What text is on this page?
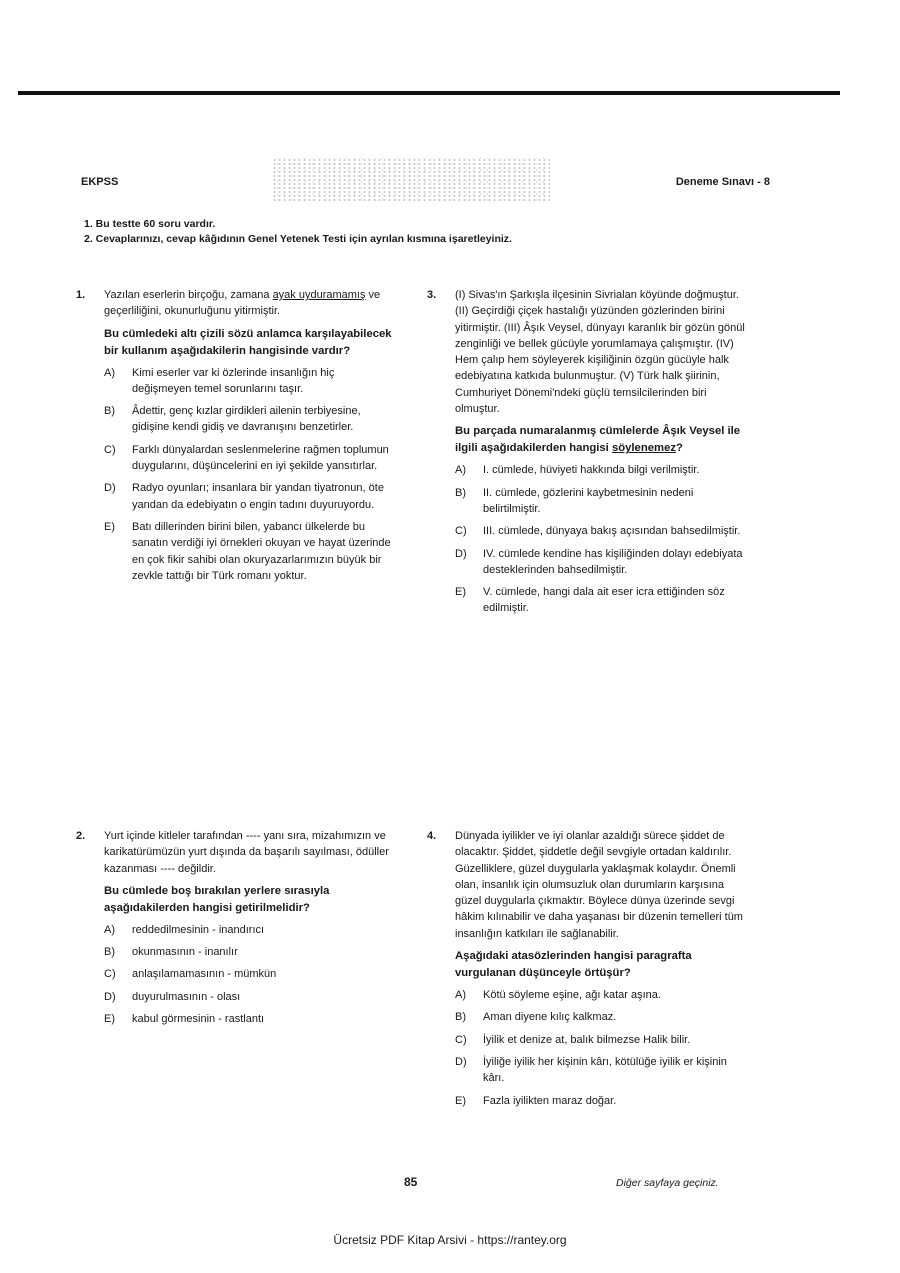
EKPSS	Deneme Sınavı - 8
1. Bu testte 60 soru vardır.
2. Cevaplarınızı, cevap kâğıdının Genel Yetenek Testi için ayrılan kısmına işaretleyiniz.
1. Yazılan eserlerin birçoğu, zamana ayak uyduramamış ve geçerliliğini, okunurluğunu yitirmiştir.
Bu cümledeki altı çizili sözü anlamca karşılayabilecek bir kullanım aşağıdakilerin hangisinde vardır?
A) Kimi eserler var ki özlerinde insanlığın hiç değişmeyen temel sorunlarını taşır.
B) Âdettir, genç kızlar girdikleri ailenin terbiyesine, gidişine kendi gidiş ve davranışını benzetirler.
C) Farklı dünyalardan seslenmelerine rağmen toplumun duygularını, düşüncelerini en iyi şekilde yansıtırlar.
D) Radyo oyunları; insanlara bir yandan tiyatronun, öte yandan da edebiyatın o engin tadını duyuruyordu.
E) Batı dillerinden birini bilen, yabancı ülkelerde bu sanatın verdiği iyi örnekleri okuyan ve hayat üzerinde en çok fikir sahibi olan okuryazarlarımızın büyük bir zevkle tattığı bir Türk romanı yoktur.
3. (I) Sivas'ın Şarkışla ilçesinin Sivrialan köyünde doğmuştur. (II) Geçirdiği çiçek hastalığı yüzünden gözlerinden birini yitirmiştir. (III) Âşık Veysel, dünyayı karanlık bir gözün gönül zenginliği ve bellek gücüyle yorumlamaya çalışmıştır. (IV) Hem çalıp hem söyleyerek kişiliğinin özgün gücüyle halk edebiyatına katkıda bulunmuştur. (V) Türk halk şiirinin, Cumhuriyet Dönemi'ndeki güçlü temsilcilerinden biri olmuştur.
Bu parçada numaralanmış cümlelerde Âşık Veysel ile ilgili aşağıdakilerden hangisi söylenemez?
A) I. cümlede, hüviyeti hakkında bilgi verilmiştir.
B) II. cümlede, gözlerini kaybetmesinin nedeni belirtilmiştir.
C) III. cümlede, dünyaya bakış açısından bahsedilmiştir.
D) IV. cümlede kendine has kişiliğinden dolayı edebiyata desteklerinden bahsedilmiştir.
E) V. cümlede, hangi dala ait eser icra ettiğinden söz edilmiştir.
2. Yurt içinde kitleler tarafından ---- yanı sıra, mizahımızın ve karikatürümüzün yurt dışında da başarılı sayılması, ödüller kazanması ---- değildir.
Bu cümlede boş bırakılan yerlere sırasıyla aşağıdakilerden hangisi getirilmelidir?
A) reddedilmesinin - inandırıcı
B) okunmasının - inanılır
C) anlaşılamamasının - mümkün
D) duyurulmasının - olası
E) kabul görmesinin - rastlantı
4. Dünyada iyilikler ve iyi olanlar azaldığı sürece şiddet de olacaktır. Şiddet, şiddetle değil sevgiyle ortadan kaldırılır. Güzelliklere, güzel duygularla yaklaşmak kolaydır. Önemli olan, insanlık için olumsuzluk olan durumların karşısına güzel duygularla çıkmaktır. Böylece dünya üzerinde sevgi hâkim kılınabilir ve daha yaşanası bir düzenin temelleri tüm insanlığın katkıları ile sağlanabilir.
Aşağıdaki atasözlerinden hangisi paragrafta vurgulanan düşünceyle örtüşür?
A) Kötü söyleme eşine, ağı katar aşına.
B) Aman diyene kılıç kalkmaz.
C) İyilik et denize at, balık bilmezse Halik bilir.
D) İyiliğe iyilik her kişinin kârı, kötülüğe iyilik er kişinin kârı.
E) Fazla iyilikten maraz doğar.
85	Diğer sayfaya geçiniz.
Ücretsiz PDF Kitap Arsivi - https://rantey.org
